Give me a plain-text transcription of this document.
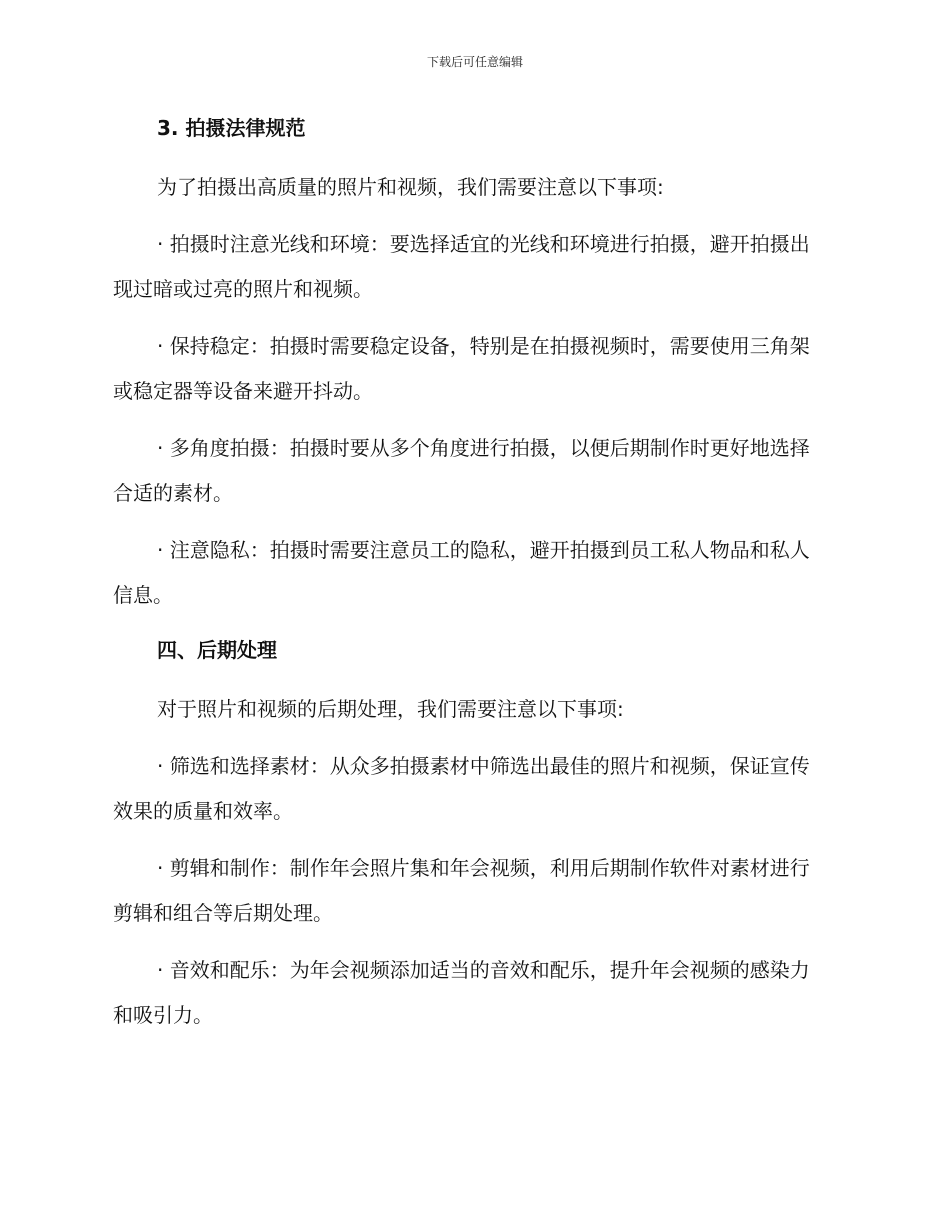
下载后可任意编辑
3. 拍摄法律规范

为了拍摄出高质量的照片和视频，我们需要注意以下事项:

· 拍摄时注意光线和环境：要选择适宜的光线和环境进行拍摄，避开拍摄出现过暗或过亮的照片和视频。

· 保持稳定：拍摄时需要稳定设备，特别是在拍摄视频时，需要使用三角架或稳定器等设备来避开抖动。

· 多角度拍摄：拍摄时要从多个角度进行拍摄，以便后期制作时更好地选择合适的素材。

· 注意隐私：拍摄时需要注意员工的隐私，避开拍摄到员工私人物品和私人信息。

四、后期处理

对于照片和视频的后期处理，我们需要注意以下事项:

· 筛选和选择素材：从众多拍摄素材中筛选出最佳的照片和视频，保证宣传效果的质量和效率。

· 剪辑和制作：制作年会照片集和年会视频，利用后期制作软件对素材进行剪辑和组合等后期处理。

· 音效和配乐：为年会视频添加适当的音效和配乐，提升年会视频的感染力和吸引力。
